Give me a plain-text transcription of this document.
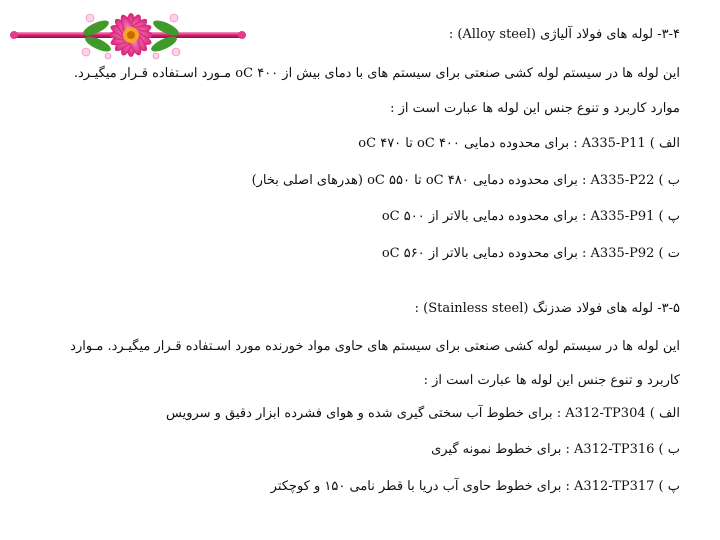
۳-۴- لوله های فولاد آلیاژی (Alloy steel) :
این لوله ها در سیستم لوله کشی صنعتی برای سیستم های با دمای بیش از ۴۰۰ oC مـورد اسـتفاده قـرار میگیـرد.
موارد کاربرد و تنوع جنس این لوله ها عبارت است از :
الف ) A335-P11 : برای محدوده دمایی ۴۰۰ oC تا ۴۷۰ oC
ب ) A335-P22 : برای محدوده دمایی ۴۸۰ oC تا ۵۵۰ oC (هدرهای اصلی بخار)
پ ) A335-P91 : برای محدوده دمایی بالاتر از ۵۰۰ oC
ت ) A335-P92 : برای محدوده دمایی بالاتر از ۵۶۰ oC
۳-۵- لوله های فولاد ضدزنگ (Stainless steel) :
این لوله ها در سیستم لوله کشی صنعتی برای سیستم های حاوی مواد خورنده مورد اسـتفاده قـرار میگیـرد. مـوارد
کاربرد و تنوع جنس این لوله ها عبارت است از :
الف ) A312-TP304 : برای خطوط آب سختی گیری شده و هوای فشرده ابزار دقیق و سرویس
ب ) A312-TP316 : برای خطوط نمونه گیری
پ ) A312-TP317 : برای خطوط حاوی آب دریا با قطر نامی ۱۵۰ و کوچکتر
